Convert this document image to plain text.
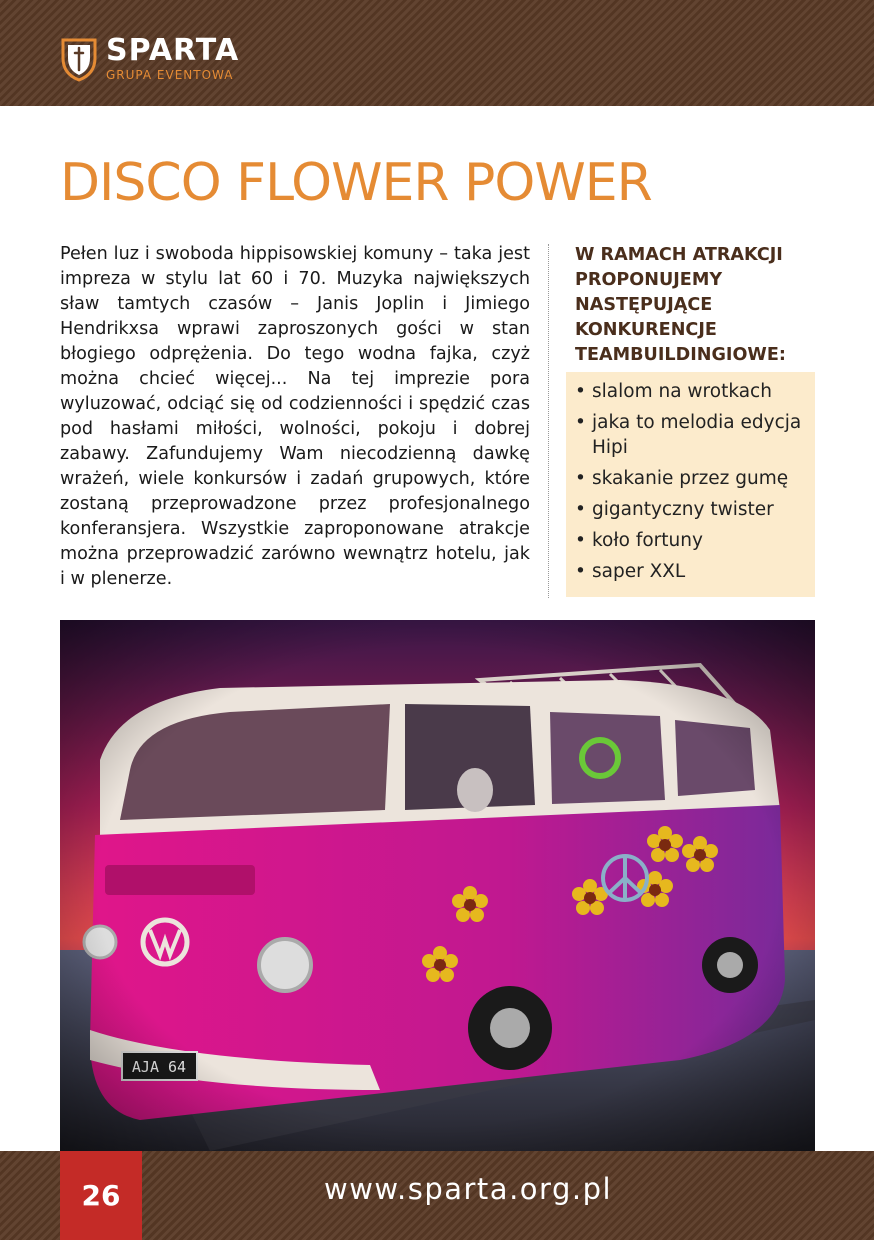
SPARTA
GRUPA EVENTOWA
DISCO FLOWER POWER

Pełen luz i swoboda hippisowskiej komuny – taka jest impreza w stylu lat 60 i 70. Muzyka największych sław tamtych czasów – Janis Joplin i Jimiego Hendrikxsa wprawi zaproszonych gości w stan błogiego odprężenia. Do tego wodna fajka, czyż można chcieć więcej... Na tej imprezie pora wyluzować, odciąć się od codzienności i spędzić czas pod hasłami miłości, wolności, pokoju i dobrej zabawy. Zafundujemy Wam niecodzienną dawkę wrażeń, wiele konkursów i zadań grupowych, które zostaną przeprowadzone przez profesjonalnego konferansjera. Wszystkie zaproponowane atrakcje można przeprowadzić zarówno wewnątrz hotelu, jak i w plenerze.

W RAMACH ATRAKCJI PROPONUJEMY NASTĘPUJĄCE KONKURENCJE TEAMBUILDINGIOWE:
• slalom na wrotkach
• jaka to melodia edycja Hipi
• skakanie przez gumę
• gigantyczny twister
• koło fortuny
• saper XXL
26	www.sparta.org.pl
